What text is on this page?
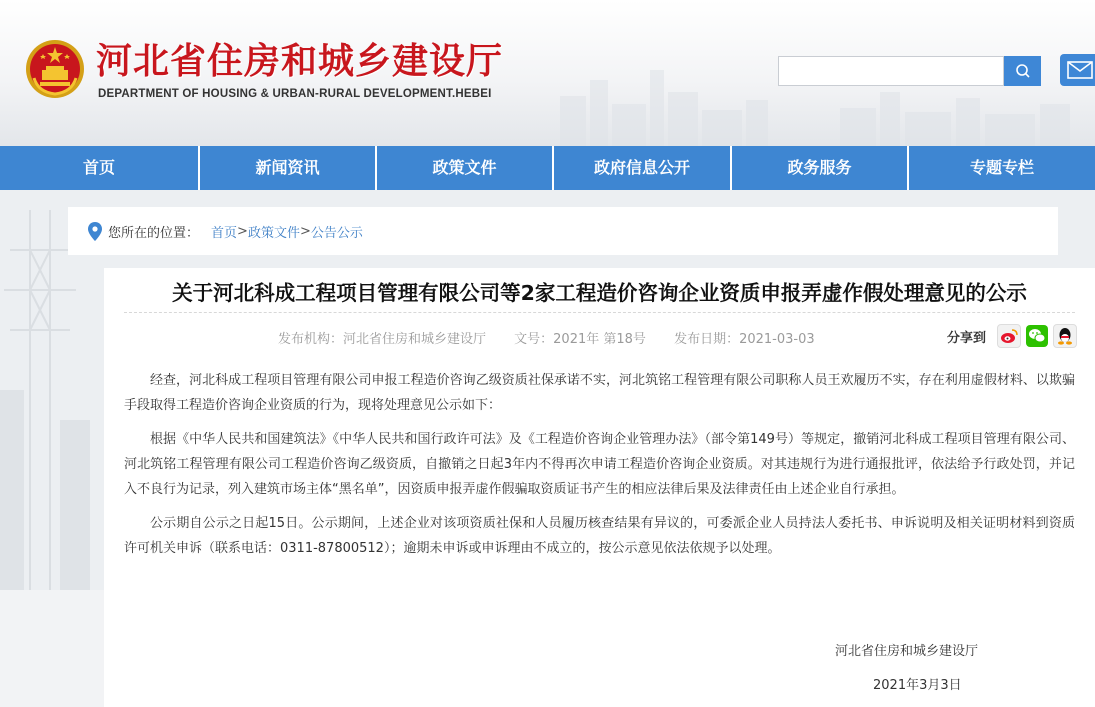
河北省住房和城乡建设厅
DEPARTMENT OF HOUSING & URBAN-RURAL DEVELOPMENT.HEBEI
首页	新闻资讯	政策文件	政府信息公开	政务服务	专题专栏
您所在的位置： 首页 > 政策文件 > 公告公示
关于河北科成工程项目管理有限公司等2家工程造价咨询企业资质申报弄虚作假处理意见的公示
发布机构：河北省住房和城乡建设厅 文号：2021年 第18号 发布日期：2021-03-03	分享到

经查，河北科成工程项目管理有限公司申报工程造价咨询乙级资质社保承诺不实，河北筑铭工程管理有限公司职称人员王欢履历不实，存在利用虚假材料、以欺骗手段取得工程造价咨询企业资质的行为，现将处理意见公示如下：

根据《中华人民共和国建筑法》《中华人民共和国行政许可法》及《工程造价咨询企业管理办法》（部令第149号）等规定，撤销河北科成工程项目管理有限公司、河北筑铭工程管理有限公司工程造价咨询乙级资质，自撤销之日起3年内不得再次申请工程造价咨询企业资质。对其违规行为进行通报批评，依法给予行政处罚，并记入不良行为记录，列入建筑市场主体“黑名单”，因资质申报弄虚作假骗取资质证书产生的相应法律后果及法律责任由上述企业自行承担。

公示期自公示之日起15日。公示期间，上述企业对该项资质社保和人员履历核查结果有异议的，可委派企业人员持法人委托书、申诉说明及相关证明材料到资质许可机关申诉（联系电话：0311-87800512）；逾期未申诉或申诉理由不成立的，按公示意见依法依规予以处理。

河北省住房和城乡建设厅
2021年3月3日
